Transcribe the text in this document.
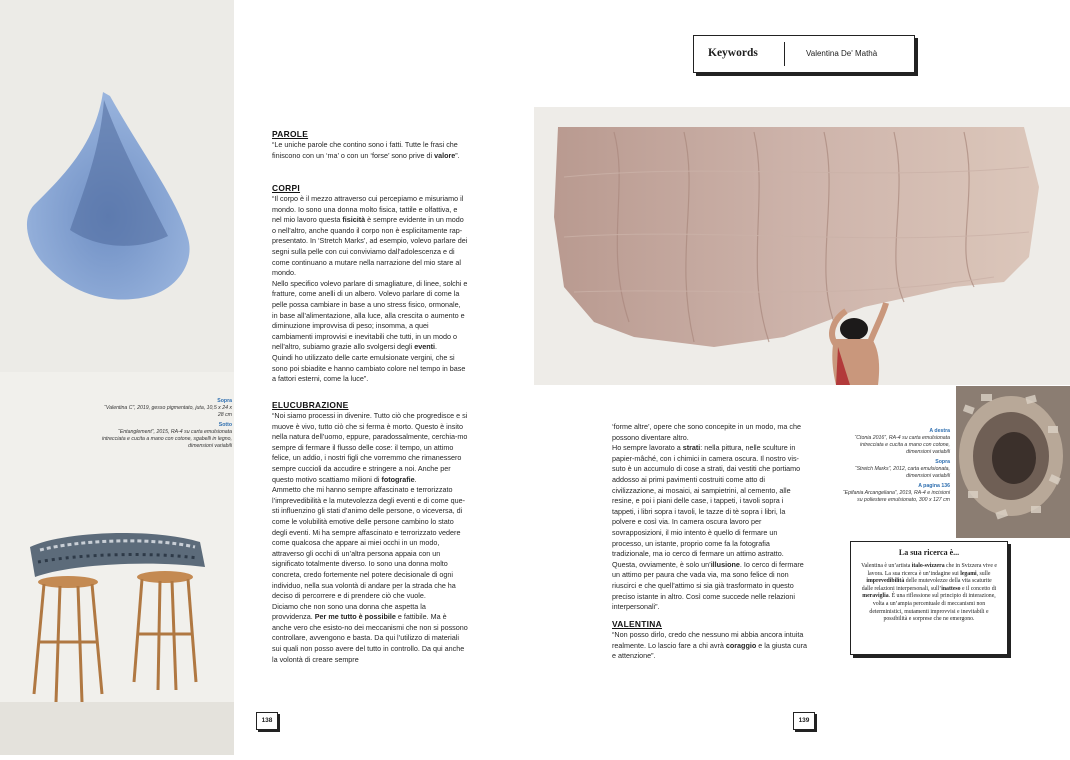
Sopra
“Valentina C”, 2019, gesso pigmentato, juta, 10,5 x 24 x 28 cm
Sotto
“Entanglement”, 2015, RA-4 su carta emulsionata intrecciata e cucita a mano con cotone, sgabelli in legno, dimensioni variabili
PAROLE

“Le uniche parole che contino sono i fatti. Tutte le frasi che finiscono con un ‘ma’ o con un ‘forse’ sono prive di valore”.

CORPI

“Il corpo è il mezzo attraverso cui percepiamo e misuriamo il mondo. Io sono una donna molto fisica, tattile e olfattiva, e nel mio lavoro questa fisicità è sempre evidente in un modo o nell’altro, anche quando il corpo non è esplicitamente rap-presentato. In ‘Stretch Marks’, ad esempio, volevo parlare dei segni sulla pelle con cui conviviamo dall’adolescenza e di come continuano a mutare nella narrazione del mio stare al mondo.

Nello specifico volevo parlare di smagliature, di linee, solchi e fratture, come anelli di un albero. Volevo parlare di come la pelle possa cambiare in base a uno stress fisico, ormonale, in base all’alimentazione, alla luce, alla crescita o aumento e diminuzione improvvisa di peso; insomma, a quei cambiamenti improvvisi e inevitabili che tutti, in un modo o nell’altro, subiamo grazie allo svolgersi degli eventi.

Quindi ho utilizzato delle carte emulsionate vergini, che si sono poi sbiadite e hanno cambiato colore nel tempo in base a fattori esterni, come la luce”.

ELUCUBRAZIONE

“Noi siamo processi in divenire. Tutto ciò che progredisce e si muove è vivo, tutto ciò che si ferma è morto. Questo è insito nella natura dell’uomo, eppure, paradossalmente, cerchia-mo sempre di fermare il flusso delle cose: il tempo, un attimo felice, un addio, i nostri figli che vorremmo che rimanessero sempre cuccioli da accudire e stringere a noi. Anche per questo motivo scattiamo milioni di fotografie.

Ammetto che mi hanno sempre affascinato e terrorizzato l’imprevedibilità e la mutevolezza degli eventi e di come que-sti influenzino gli stati d’animo delle persone, o viceversa, di come le volubilità emotive delle persone cambino lo stato degli eventi. Mi ha sempre affascinato e terrorizzato vedere come qualcosa che appare ai miei occhi in un modo, attraverso gli occhi di un’altra persona appaia con un significato totalmente diverso. Io sono una donna molto concreta, credo fortemente nel potere decisionale di ogni individuo, nella sua volontà di andare per la strada che ha deciso di percorrere e di prendere ciò che vuole.

Diciamo che non sono una donna che aspetta la provvidenza. Per me tutto è possibile e fattibile. Ma è anche vero che esisto-no dei meccanismi che non si possono controllare, avvengono e basta. Da qui l’utilizzo di materiali sui quali non posso avere del tutto in controllo. Da qui anche la volontà di creare sempre

138
Keywords	Valentina De' Mathà
A destra
“Ctonia 2016”, RA-4 su carta emulsionata intrecciata e cucita a mano con cotone, dimensioni variabili
Sopra
“Stretch Marks”, 2012, carta emulsionata, dimensioni variabili
A pagina 136
“Epifania Arcangeliana”, 2019, RA-4 e incisioni su poliestere emulsionato, 300 x 127 cm

‘forme altre’, opere che sono concepite in un modo, ma che possono diventare altro.

Ho sempre lavorato a strati: nella pittura, nelle sculture in papier-mâché, con i chimici in camera oscura. Il nostro vis-suto è un accumulo di cose a strati, dai vestiti che portiamo addosso ai primi pavimenti costruiti come atto di civilizzazione, ai mosaici, ai sampietrini, al cemento, alle resine, e poi i piani delle case, i tappeti, i tavoli sopra i tappeti, i libri sopra i tavoli, le tazze di tè sopra i libri, la polvere e così via. In camera oscura lavoro per sovrapposizioni, il mio intento è quello di fermare un processo, un istante, proprio come fa la fotografia tradizionale, ma io cerco di fermare un attimo astratto. Questa, ovviamente, è solo un’illusione. Io cerco di fermare un attimo per paura che vada via, ma sono felice di non riuscirci e che quell’attimo si sia già trasformato in questo preciso istante in altro. Così come succede nelle relazioni interpersonali”.

VALENTINA

“Non posso dirlo, credo che nessuno mi abbia ancora intuita realmente. Lo lascio fare a chi avrà coraggio e la giusta cura e attenzione”.

La sua ricerca è...
Valentina è un’artista italo-svizzera che in Svizzera vive e lavora. La sua ricerca è un’indagine sui legami, sulle imprevedibilità delle mutevolezze della vita scaturite dalle relazioni interpersonali, sull’inatteso e il concetto di meraviglia. È una riflessione sul principio di interazione, volta a un’ampia percentuale di meccanismi non deterministici, mutamenti improvvisi e inevitabili e possibilità e sorprese che ne emergono.
139
